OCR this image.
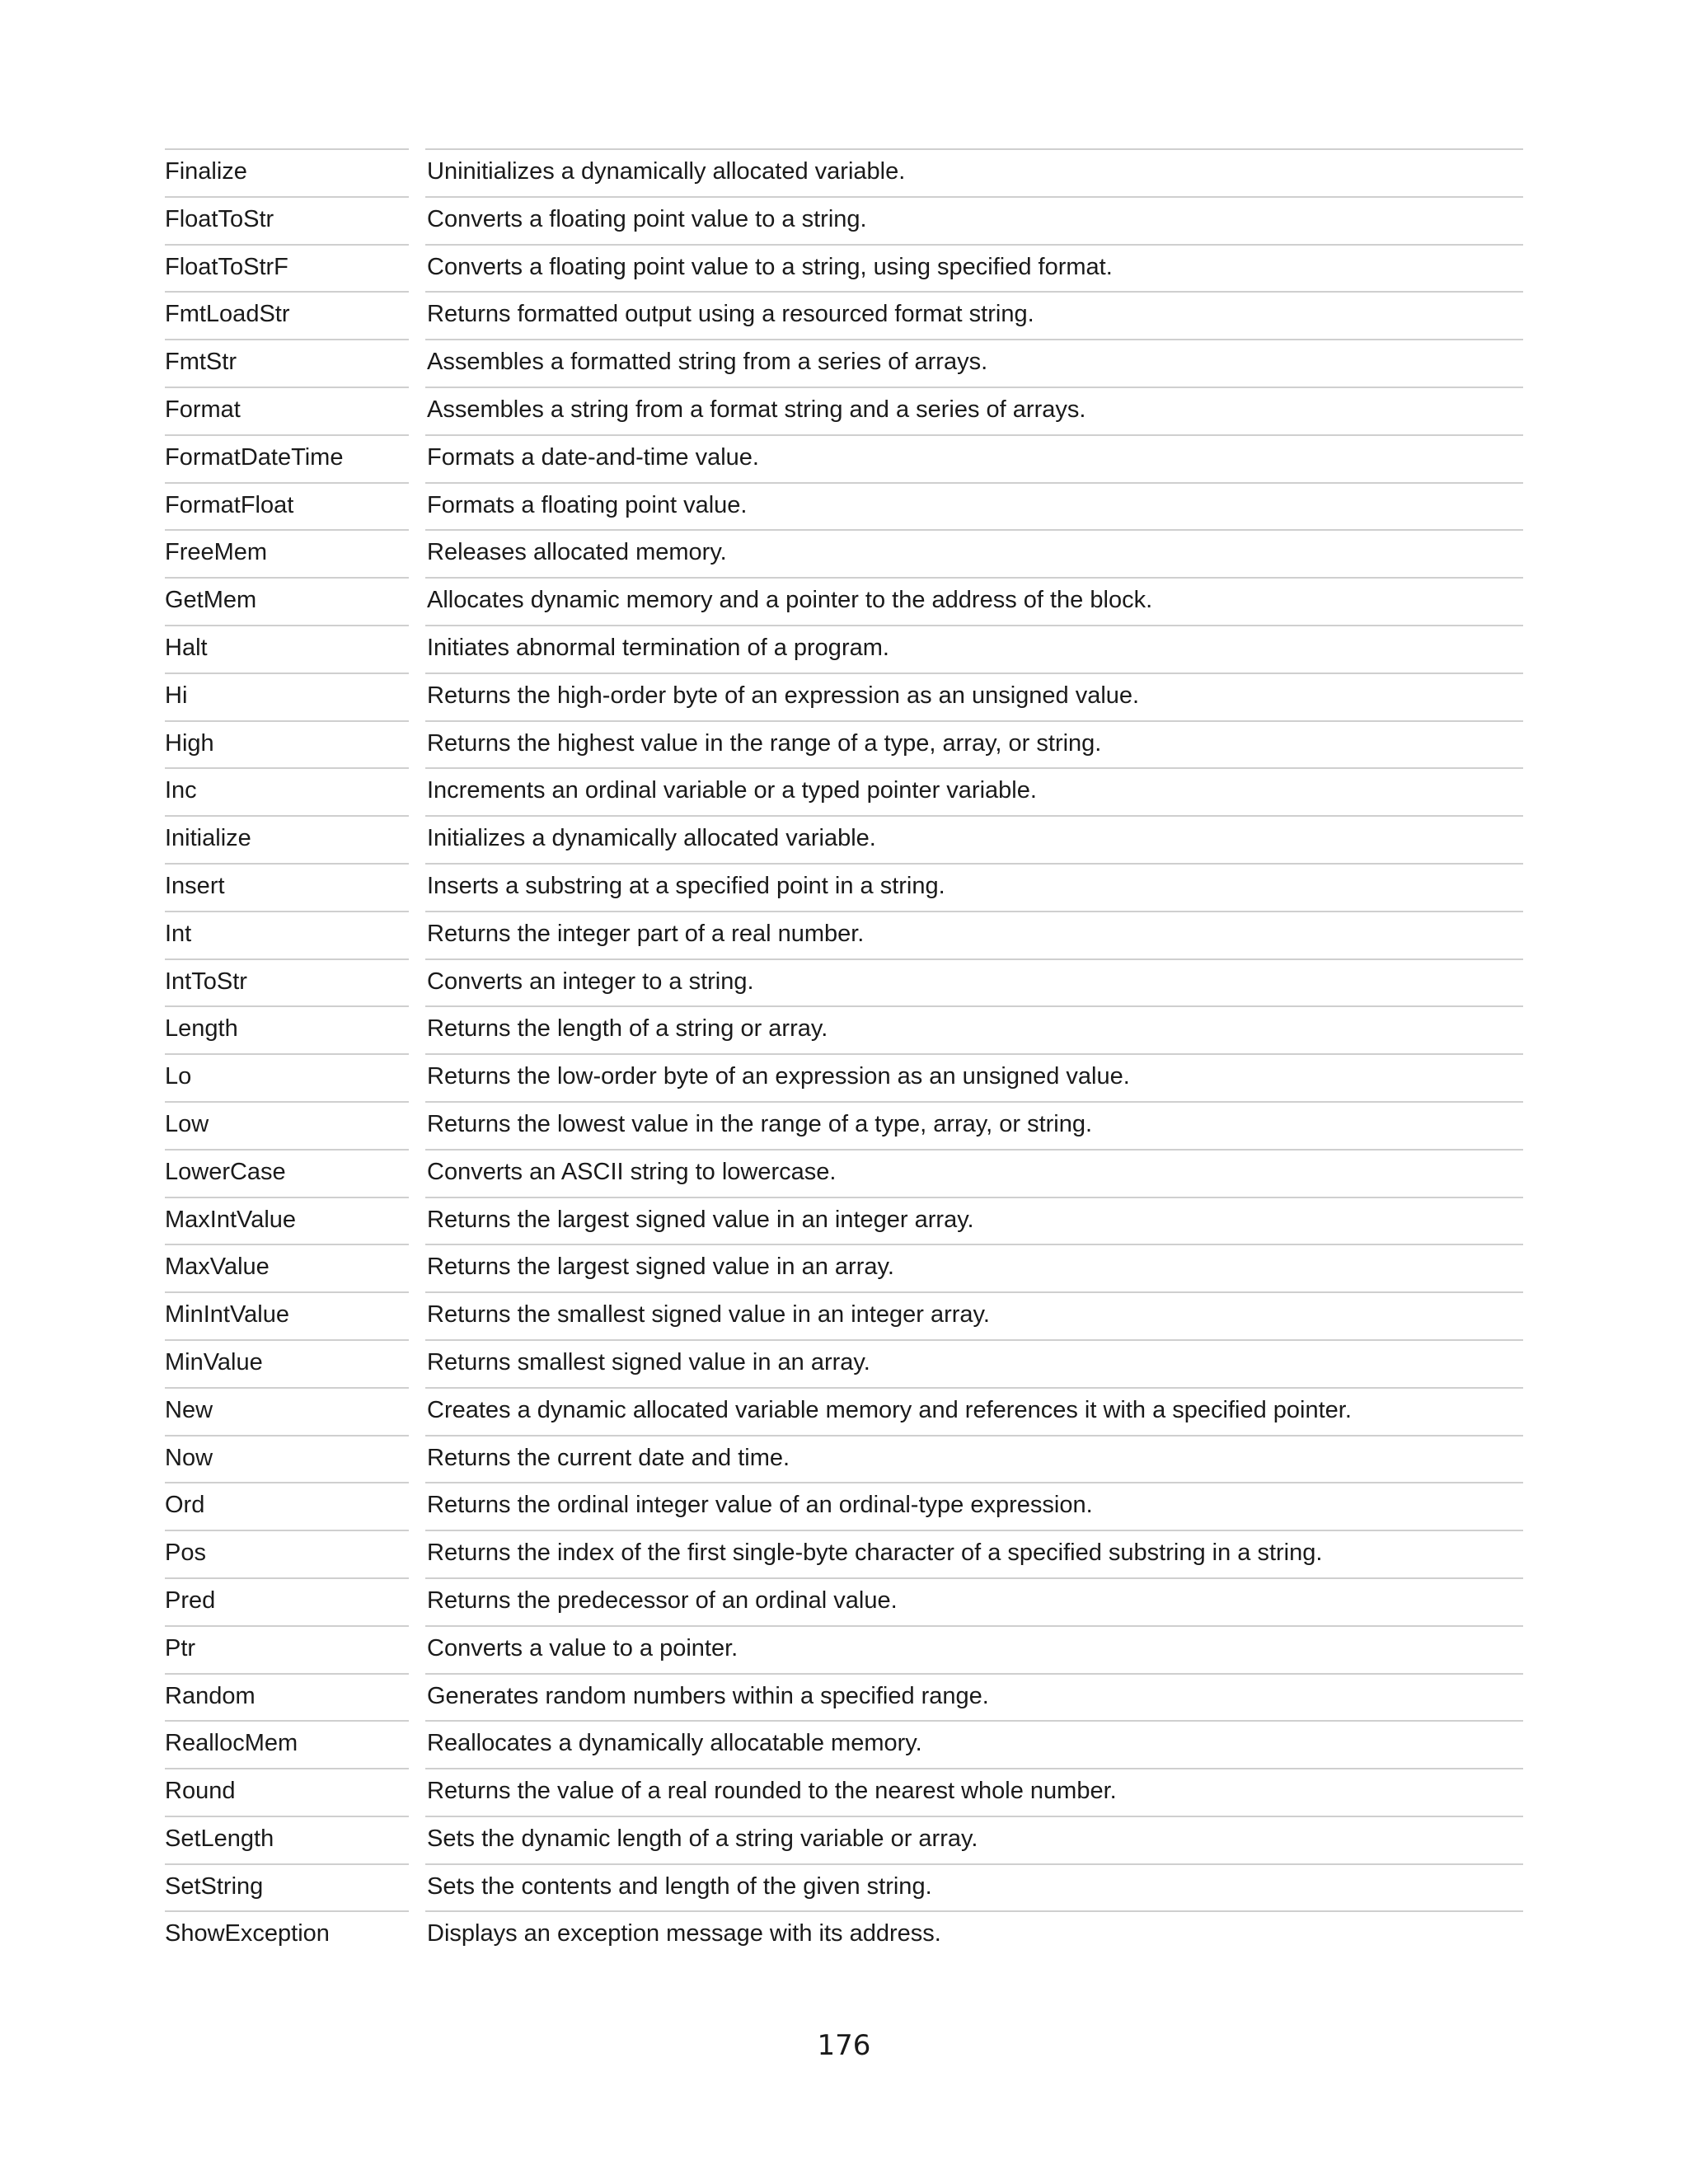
Finalize	Uninitializes a dynamically allocated variable.
FloatToStr	Converts a floating point value to a string.
FloatToStrF	Converts a floating point value to a string, using specified format.
FmtLoadStr	Returns formatted output using a resourced format string.
FmtStr	Assembles a formatted string from a series of arrays.
Format	Assembles a string from a format string and a series of arrays.
FormatDateTime	Formats a date-and-time value.
FormatFloat	Formats a floating point value.
FreeMem	Releases allocated memory.
GetMem	Allocates dynamic memory and a pointer to the address of the block.
Halt	Initiates abnormal termination of a program.
Hi	Returns the high-order byte of an expression as an unsigned value.
High	Returns the highest value in the range of a type, array, or string.
Inc	Increments an ordinal variable or a typed pointer variable.
Initialize	Initializes a dynamically allocated variable.
Insert	Inserts a substring at a specified point in a string.
Int	Returns the integer part of a real number.
IntToStr	Converts an integer to a string.
Length	Returns the length of a string or array.
Lo	Returns the low-order byte of an expression as an unsigned value.
Low	Returns the lowest value in the range of a type, array, or string.
LowerCase	Converts an ASCII string to lowercase.
MaxIntValue	Returns the largest signed value in an integer array.
MaxValue	Returns the largest signed value in an array.
MinIntValue	Returns the smallest signed value in an integer array.
MinValue	Returns smallest signed value in an array.
New	Creates a dynamic allocated variable memory and references it with a specified pointer.
Now	Returns the current date and time.
Ord	Returns the ordinal integer value of an ordinal-type expression.
Pos	Returns the index of the first single-byte character of a specified substring in a string.
Pred	Returns the predecessor of an ordinal value.
Ptr	Converts a value to a pointer.
Random	Generates random numbers within a specified range.
ReallocMem	Reallocates a dynamically allocatable memory.
Round	Returns the value of a real rounded to the nearest whole number.
SetLength	Sets the dynamic length of a string variable or array.
SetString	Sets the contents and length of the given string.
ShowException	Displays an exception message with its address.
176
